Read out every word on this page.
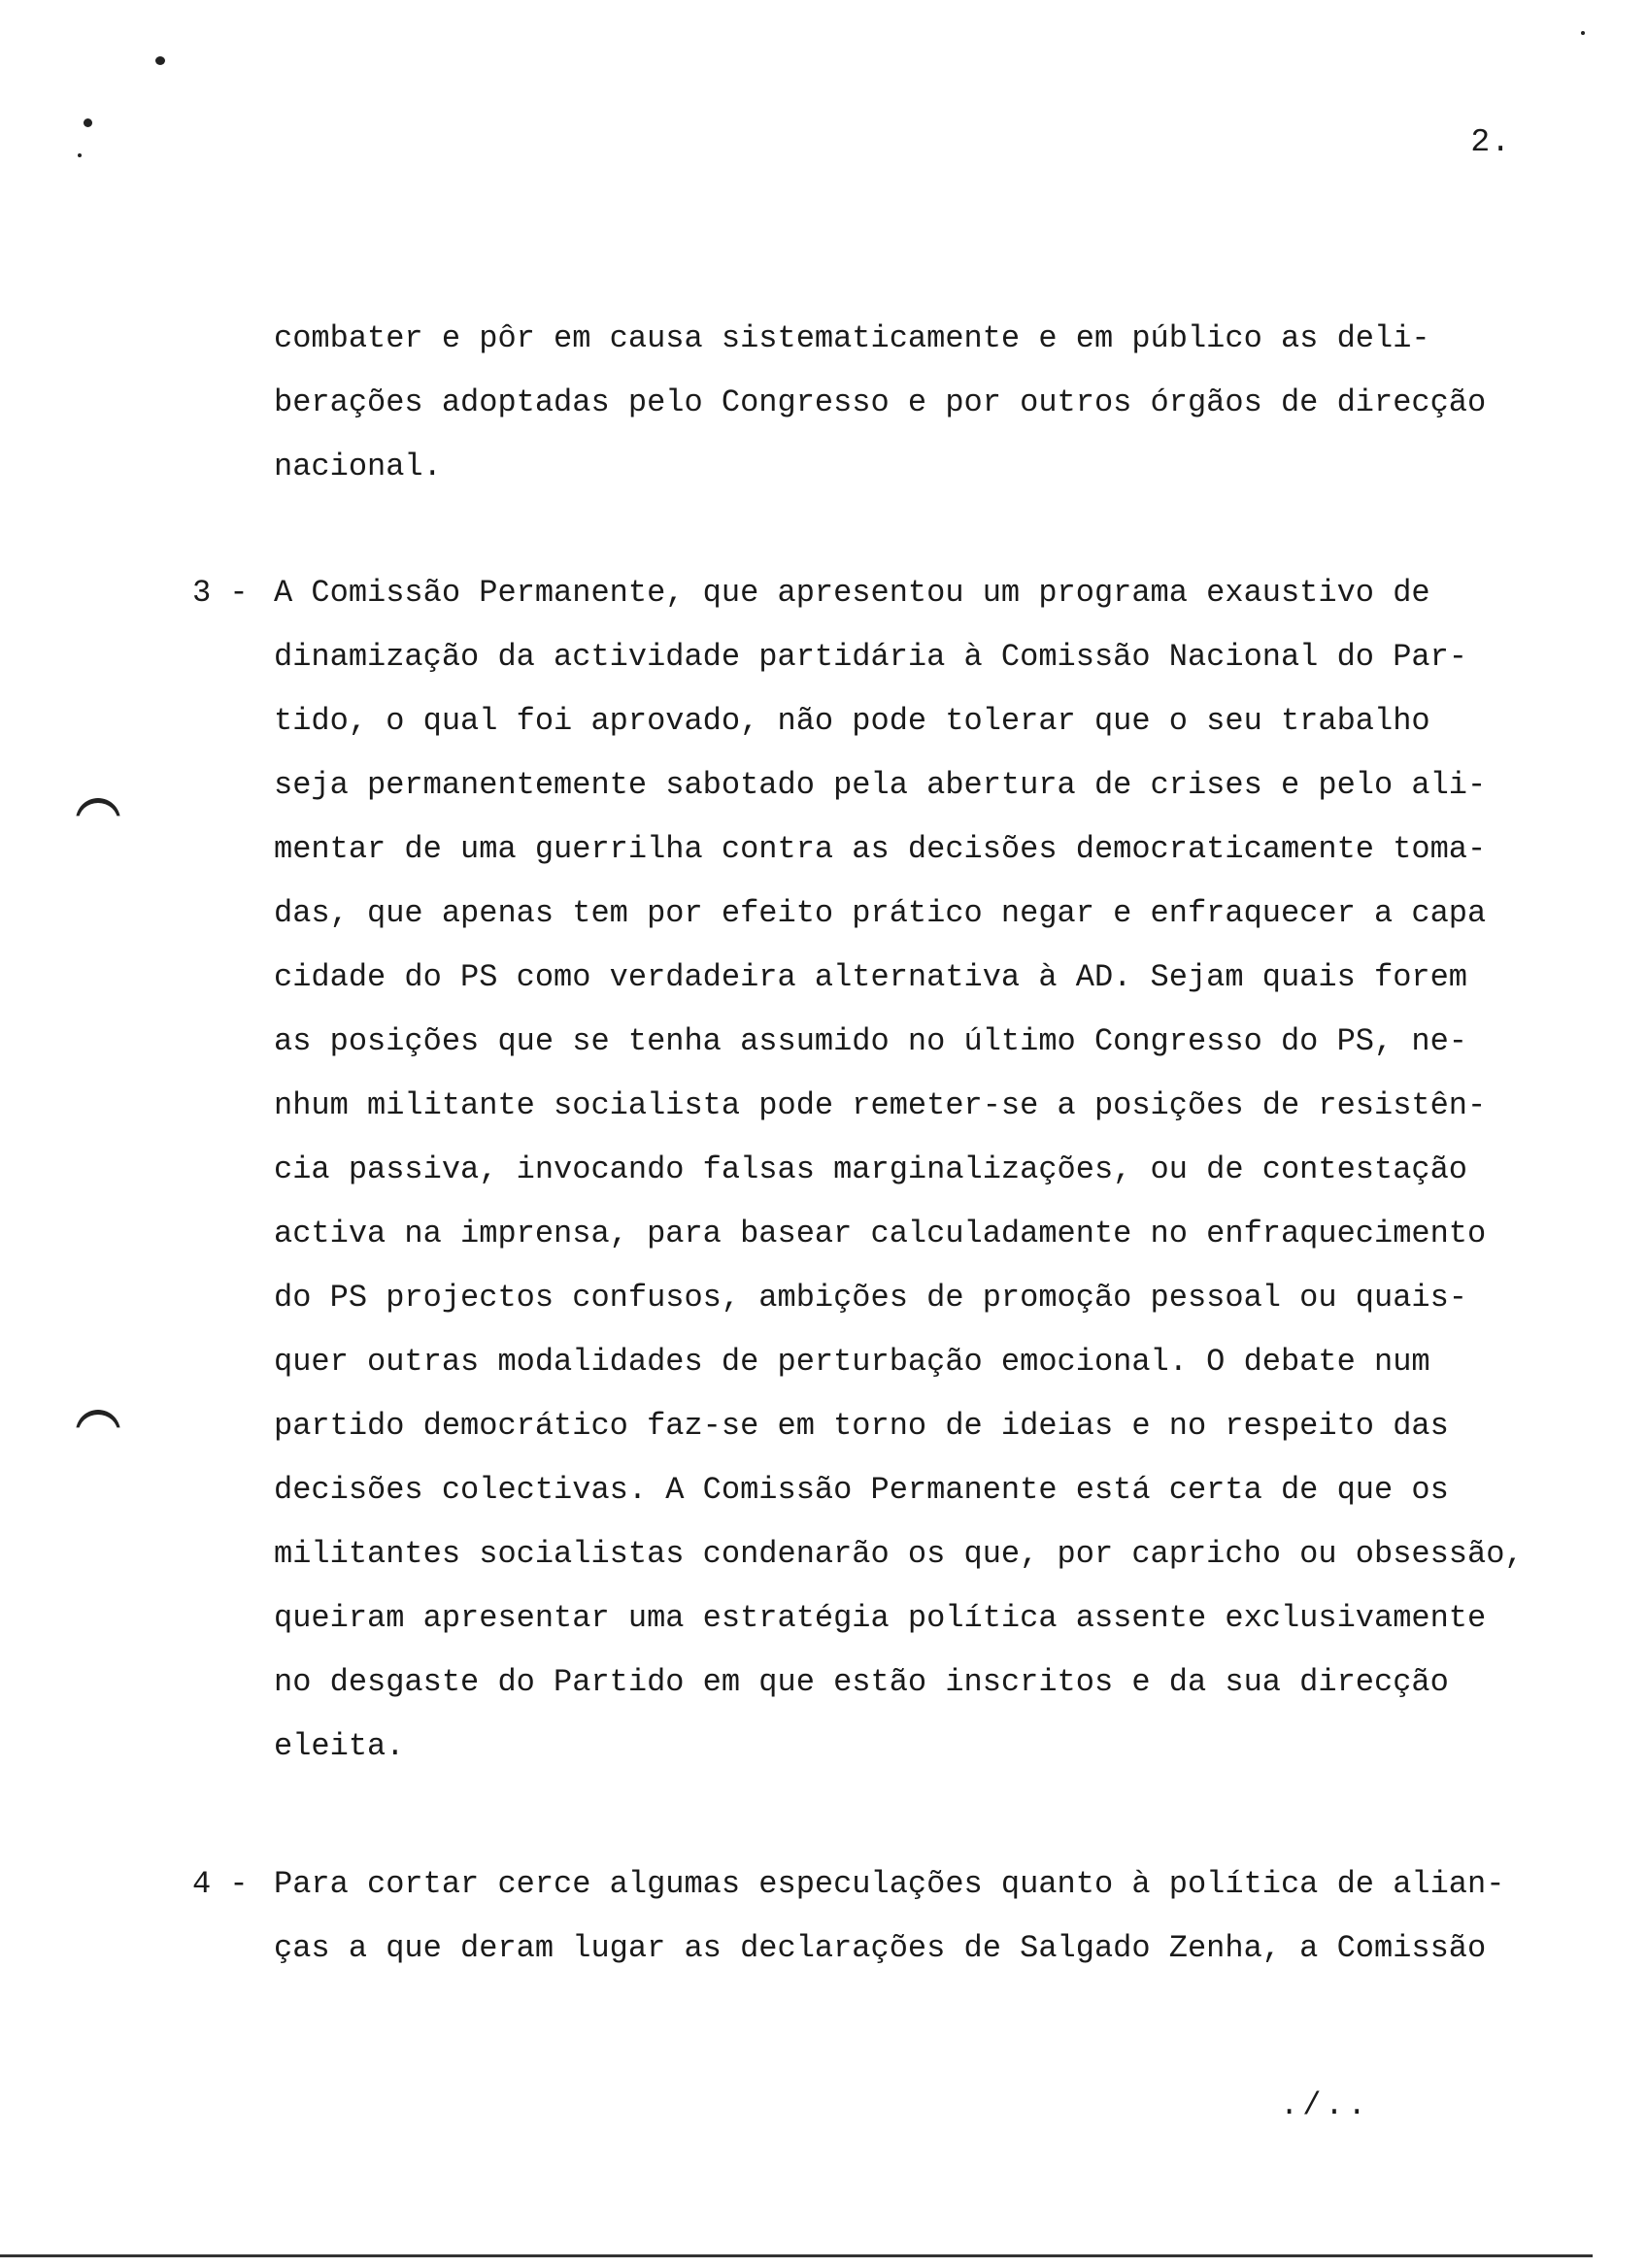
2.
combater e pôr em causa sistematicamente e em público as deli-
berações adoptadas pelo Congresso e por outros órgãos de direcção
nacional.
3 - A Comissão Permanente, que apresentou um programa exaustivo de
dinamização da actividade partidária à Comissão Nacional do Par-
tido, o qual foi aprovado, não pode tolerar que o seu trabalho
seja permanentemente sabotado pela abertura de crises e pelo ali-
mentar de uma guerrilha contra as decisões democraticamente toma-
das, que apenas tem por efeito prático negar e enfraquecer a capa
cidade do PS como verdadeira alternativa à AD. Sejam quais forem
as posições que se tenha assumido no último Congresso do PS, ne-
nhum militante socialista pode remeter-se a posições de resistên-
cia passiva, invocando falsas marginalizações, ou de contestação
activa na imprensa, para basear calculadamente no enfraquecimento
do PS projectos confusos, ambições de promoção pessoal ou quais-
quer outras modalidades de perturbação emocional. O debate num
partido democrático faz-se em torno de ideias e no respeito das
decisões colectivas. A Comissão Permanente está certa de que os
militantes socialistas condenarão os que, por capricho ou obsessão,
queiram apresentar uma estratégia política assente exclusivamente
no desgaste do Partido em que estão inscritos e da sua direcção
eleita.
4 - Para cortar cerce algumas especulações quanto à política de alian-
ças a que deram lugar as declarações de Salgado Zenha, a Comissão
./..
